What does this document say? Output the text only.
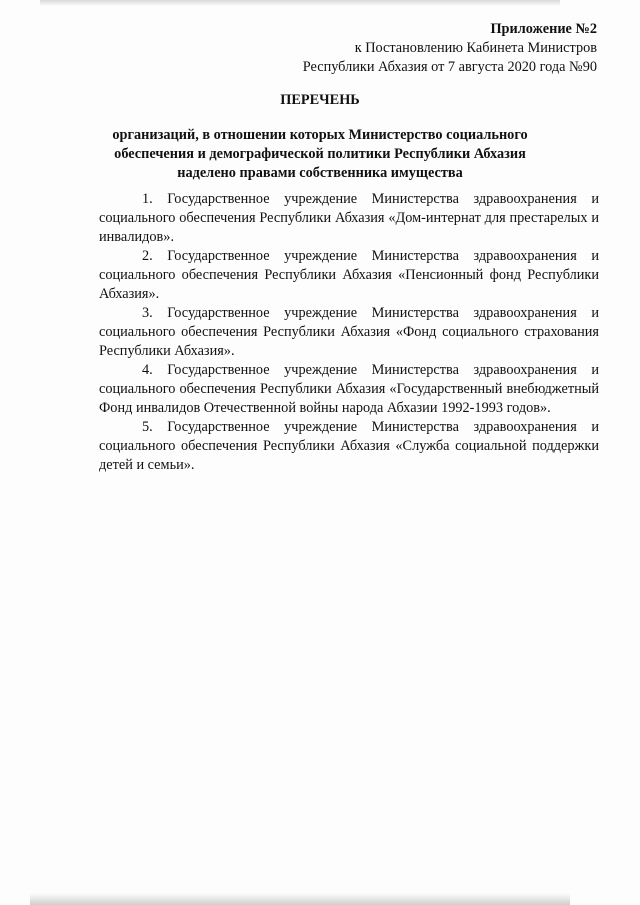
Приложение №2
к Постановлению Кабинета Министров
Республики Абхазия от 7 августа 2020 года №90
ПЕРЕЧЕНЬ
организаций, в отношении которых Министерство социального обеспечения и демографической политики Республики Абхазия наделено правами собственника имущества

1. Государственное учреждение Министерства здравоохранения и социального обеспечения Республики Абхазия «Дом-интернат для престарелых и инвалидов».

2. Государственное учреждение Министерства здравоохранения и социального обеспечения Республики Абхазия «Пенсионный фонд Республики Абхазия».

3. Государственное учреждение Министерства здравоохранения и социального обеспечения Республики Абхазия «Фонд социального страхования Республики Абхазия».

4. Государственное учреждение Министерства здравоохранения и социального обеспечения Республики Абхазия «Государственный внебюджетный Фонд инвалидов Отечественной войны народа Абхазии 1992-1993 годов».

5. Государственное учреждение Министерства здравоохранения и социального обеспечения Республики Абхазия «Служба социальной поддержки детей и семьи».
